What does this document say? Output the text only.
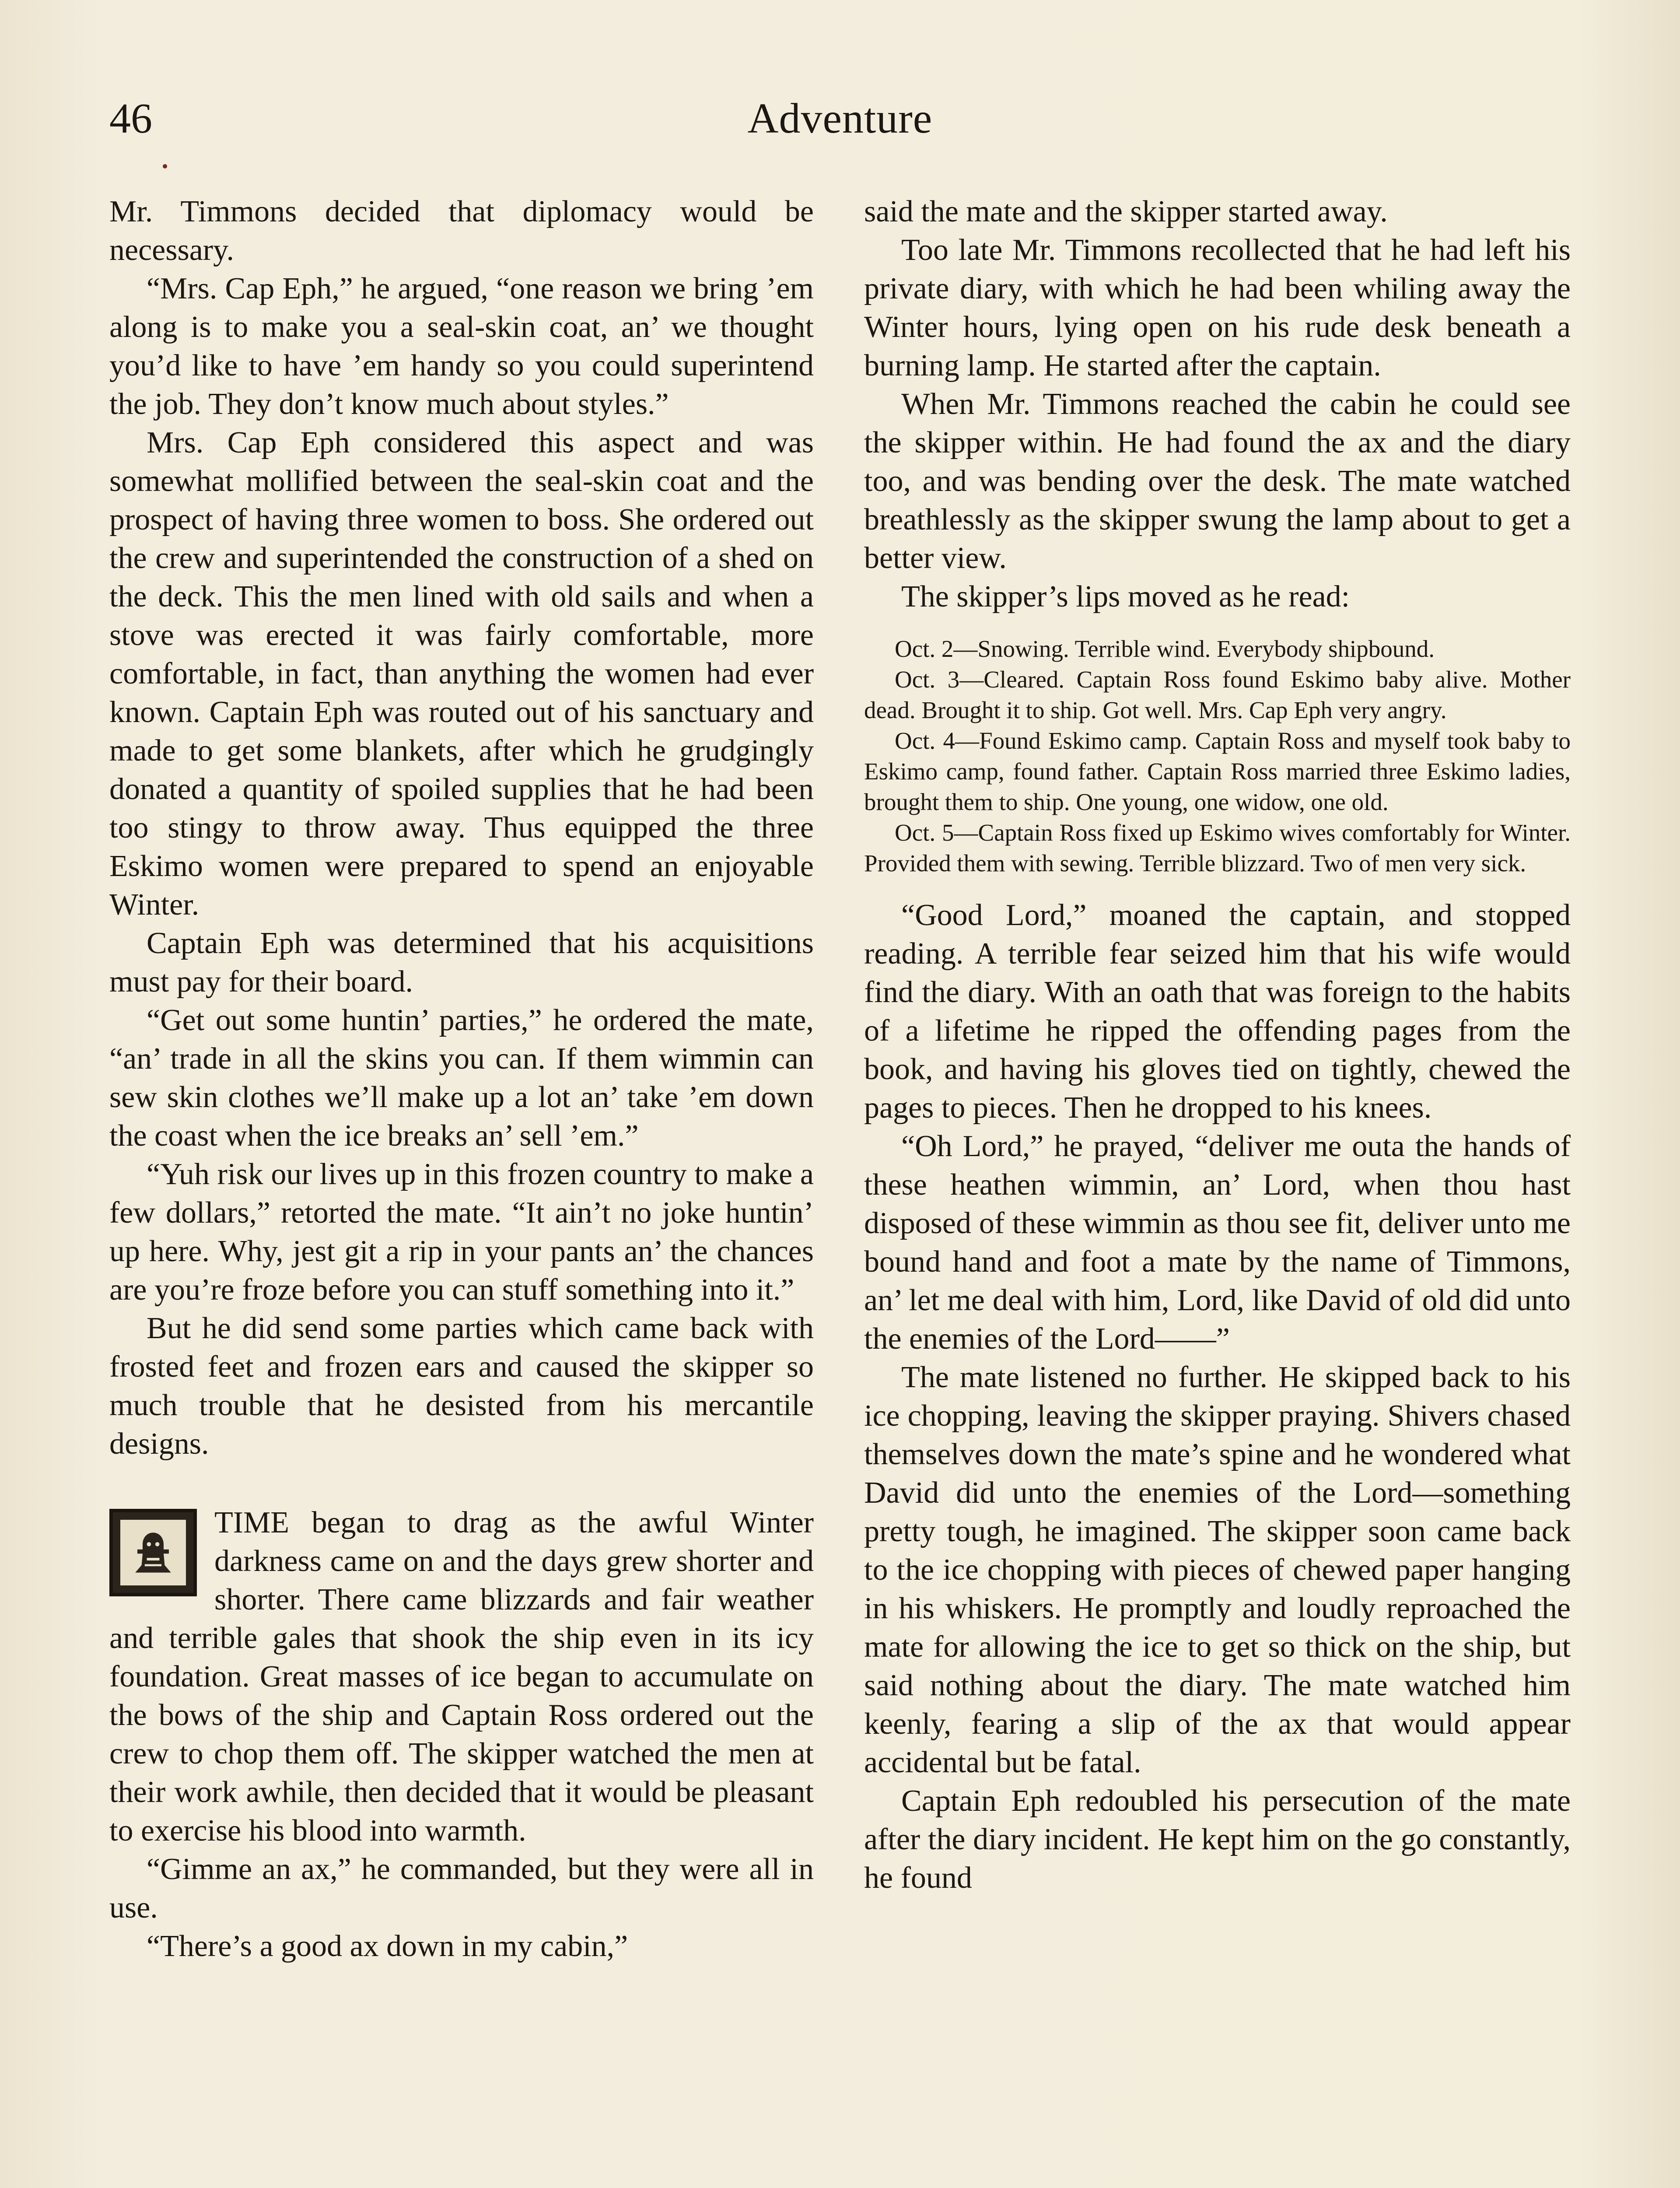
46	Adventure

Mr. Timmons decided that diplomacy would be necessary.

“Mrs. Cap Eph,” he argued, “one reason we bring ’em along is to make you a seal-skin coat, an’ we thought you’d like to have ’em handy so you could superintend the job. They don’t know much about styles.”

Mrs. Cap Eph considered this aspect and was somewhat mollified between the seal-skin coat and the prospect of having three women to boss. She ordered out the crew and superintended the construction of a shed on the deck. This the men lined with old sails and when a stove was erected it was fairly comfortable, more comfortable, in fact, than anything the women had ever known. Captain Eph was routed out of his sanctuary and made to get some blankets, after which he grudgingly donated a quantity of spoiled supplies that he had been too stingy to throw away. Thus equipped the three Eskimo women were prepared to spend an enjoyable Winter.

Captain Eph was determined that his acquisitions must pay for their board.

“Get out some huntin’ parties,” he ordered the mate, “an’ trade in all the skins you can. If them wimmin can sew skin clothes we’ll make up a lot an’ take ’em down the coast when the ice breaks an’ sell ’em.”

“Yuh risk our lives up in this frozen country to make a few dollars,” retorted the mate. “It ain’t no joke huntin’ up here. Why, jest git a rip in your pants an’ the chances are you’re froze before you can stuff something into it.”

But he did send some parties which came back with frosted feet and frozen ears and caused the skipper so much trouble that he desisted from his mercantile designs.

TIME began to drag as the awful Winter darkness came on and the days grew shorter and shorter. There came blizzards and fair weather and terrible gales that shook the ship even in its icy foundation. Great masses of ice began to accumulate on the bows of the ship and Captain Ross ordered out the crew to chop them off. The skipper watched the men at their work awhile, then decided that it would be pleasant to exercise his blood into warmth.

“Gimme an ax,” he commanded, but they were all in use.

“There’s a good ax down in my cabin,”

said the mate and the skipper started away.

Too late Mr. Timmons recollected that he had left his private diary, with which he had been whiling away the Winter hours, lying open on his rude desk beneath a burning lamp. He started after the captain.

When Mr. Timmons reached the cabin he could see the skipper within. He had found the ax and the diary too, and was bending over the desk. The mate watched breathlessly as the skipper swung the lamp about to get a better view.

The skipper’s lips moved as he read:

Oct. 2—Snowing. Terrible wind. Everybody shipbound.

Oct. 3—Cleared. Captain Ross found Eskimo baby alive. Mother dead. Brought it to ship. Got well. Mrs. Cap Eph very angry.

Oct. 4—Found Eskimo camp. Captain Ross and myself took baby to Eskimo camp, found father. Captain Ross married three Eskimo ladies, brought them to ship. One young, one widow, one old.

Oct. 5—Captain Ross fixed up Eskimo wives comfortably for Winter. Provided them with sewing. Terrible blizzard. Two of men very sick.

“Good Lord,” moaned the captain, and stopped reading. A terrible fear seized him that his wife would find the diary. With an oath that was foreign to the habits of a lifetime he ripped the offending pages from the book, and having his gloves tied on tightly, chewed the pages to pieces. Then he dropped to his knees.

“Oh Lord,” he prayed, “deliver me outa the hands of these heathen wimmin, an’ Lord, when thou hast disposed of these wimmin as thou see fit, deliver unto me bound hand and foot a mate by the name of Timmons, an’ let me deal with him, Lord, like David of old did unto the enemies of the Lord——”

The mate listened no further. He skipped back to his ice chopping, leaving the skipper praying. Shivers chased themselves down the mate’s spine and he wondered what David did unto the enemies of the Lord—something pretty tough, he imagined. The skipper soon came back to the ice chopping with pieces of chewed paper hanging in his whiskers. He promptly and loudly reproached the mate for allowing the ice to get so thick on the ship, but said nothing about the diary. The mate watched him keenly, fearing a slip of the ax that would appear accidental but be fatal.

Captain Eph redoubled his persecution of the mate after the diary incident. He kept him on the go constantly, he found
